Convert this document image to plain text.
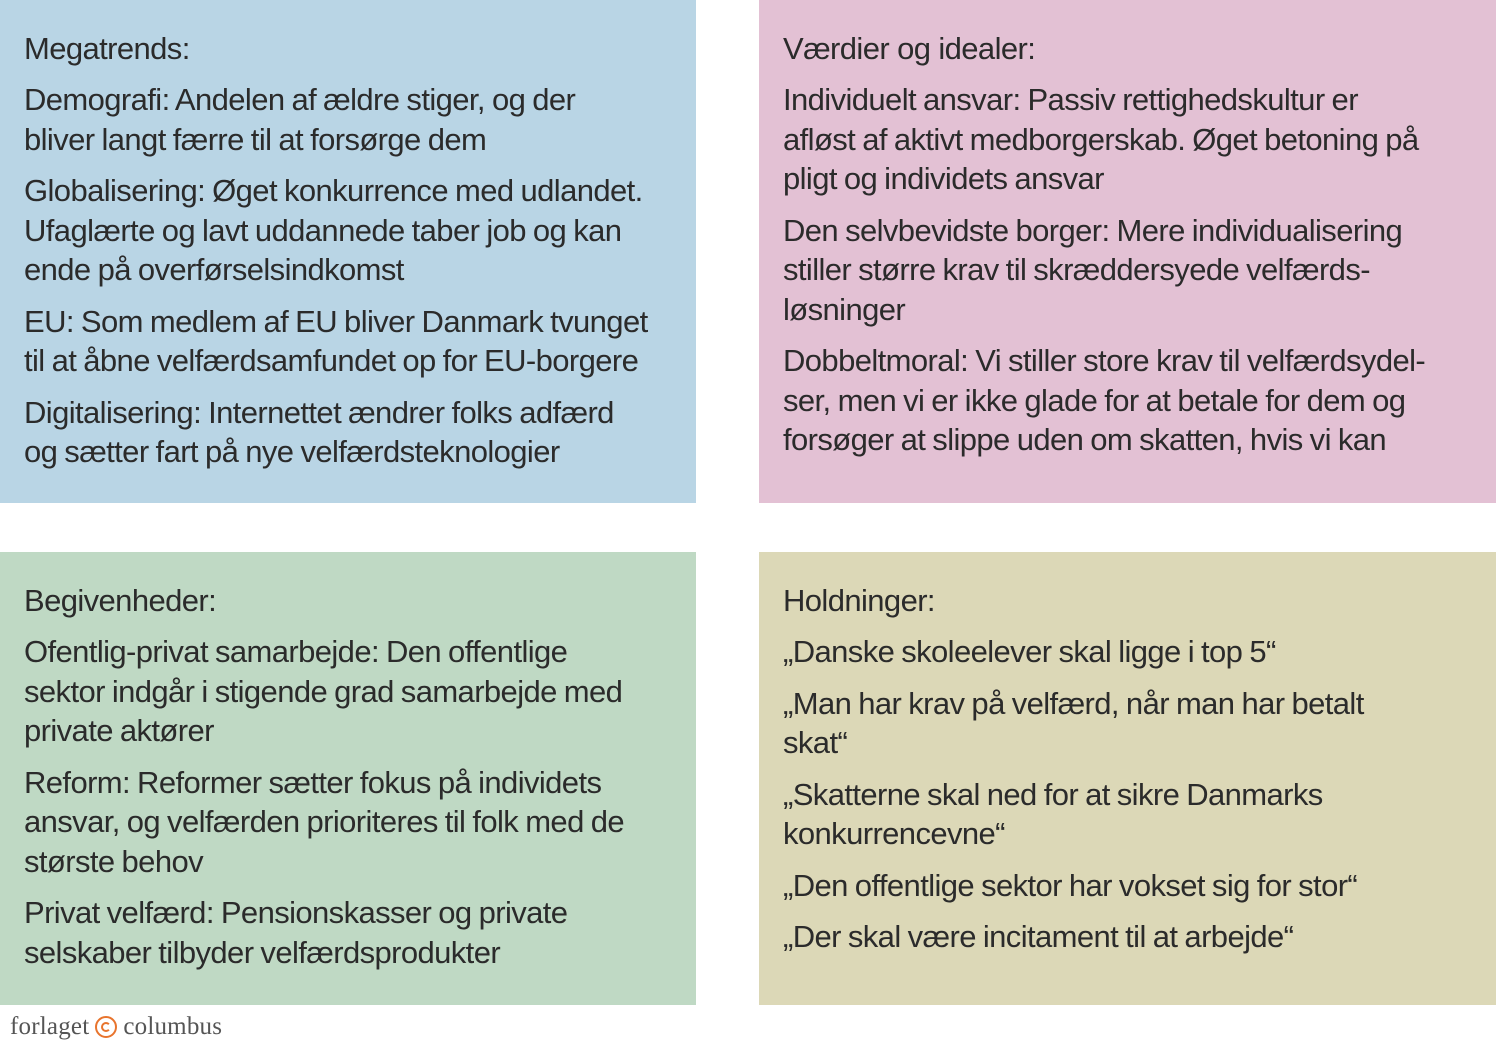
Megatrends:

Demografi: Andelen af ældre stiger, og der
bliver langt færre til at forsørge dem

Globalisering: Øget konkurrence med udlandet.
Ufaglærte og lavt uddannede taber job og kan
ende på overførselsindkomst

EU: Som medlem af EU bliver Danmark tvunget
til at åbne velfærdsamfundet op for EU-borgere

Digitalisering: Internettet ændrer folks adfærd
og sætter fart på nye velfærdsteknologier

Værdier og idealer:

Individuelt ansvar: Passiv rettighedskultur er
afløst af aktivt medborgerskab. Øget betoning på
pligt og individets ansvar

Den selvbevidste borger: Mere individualisering
stiller større krav til skræddersyede velfærds-
løsninger

Dobbeltmoral: Vi stiller store krav til velfærdsydel-
ser, men vi er ikke glade for at betale for dem og
forsøger at slippe uden om skatten, hvis vi kan

Begivenheder:

Ofentlig-privat samarbejde: Den offentlige
sektor indgår i stigende grad samarbejde med
private aktører

Reform: Reformer sætter fokus på individets
ansvar, og velfærden prioriteres til folk med de
største behov

Privat velfærd: Pensionskasser og private
selskaber tilbyder velfærdsprodukter

Holdninger:

„Danske skoleelever skal ligge i top 5“

„Man har krav på velfærd, når man har betalt
skat“

„Skatterne skal ned for at sikre Danmarks
konkurrencevne“

„Den offentlige sektor har vokset sig for stor“

„Der skal være incitament til at arbejde“

forlaget columbus
